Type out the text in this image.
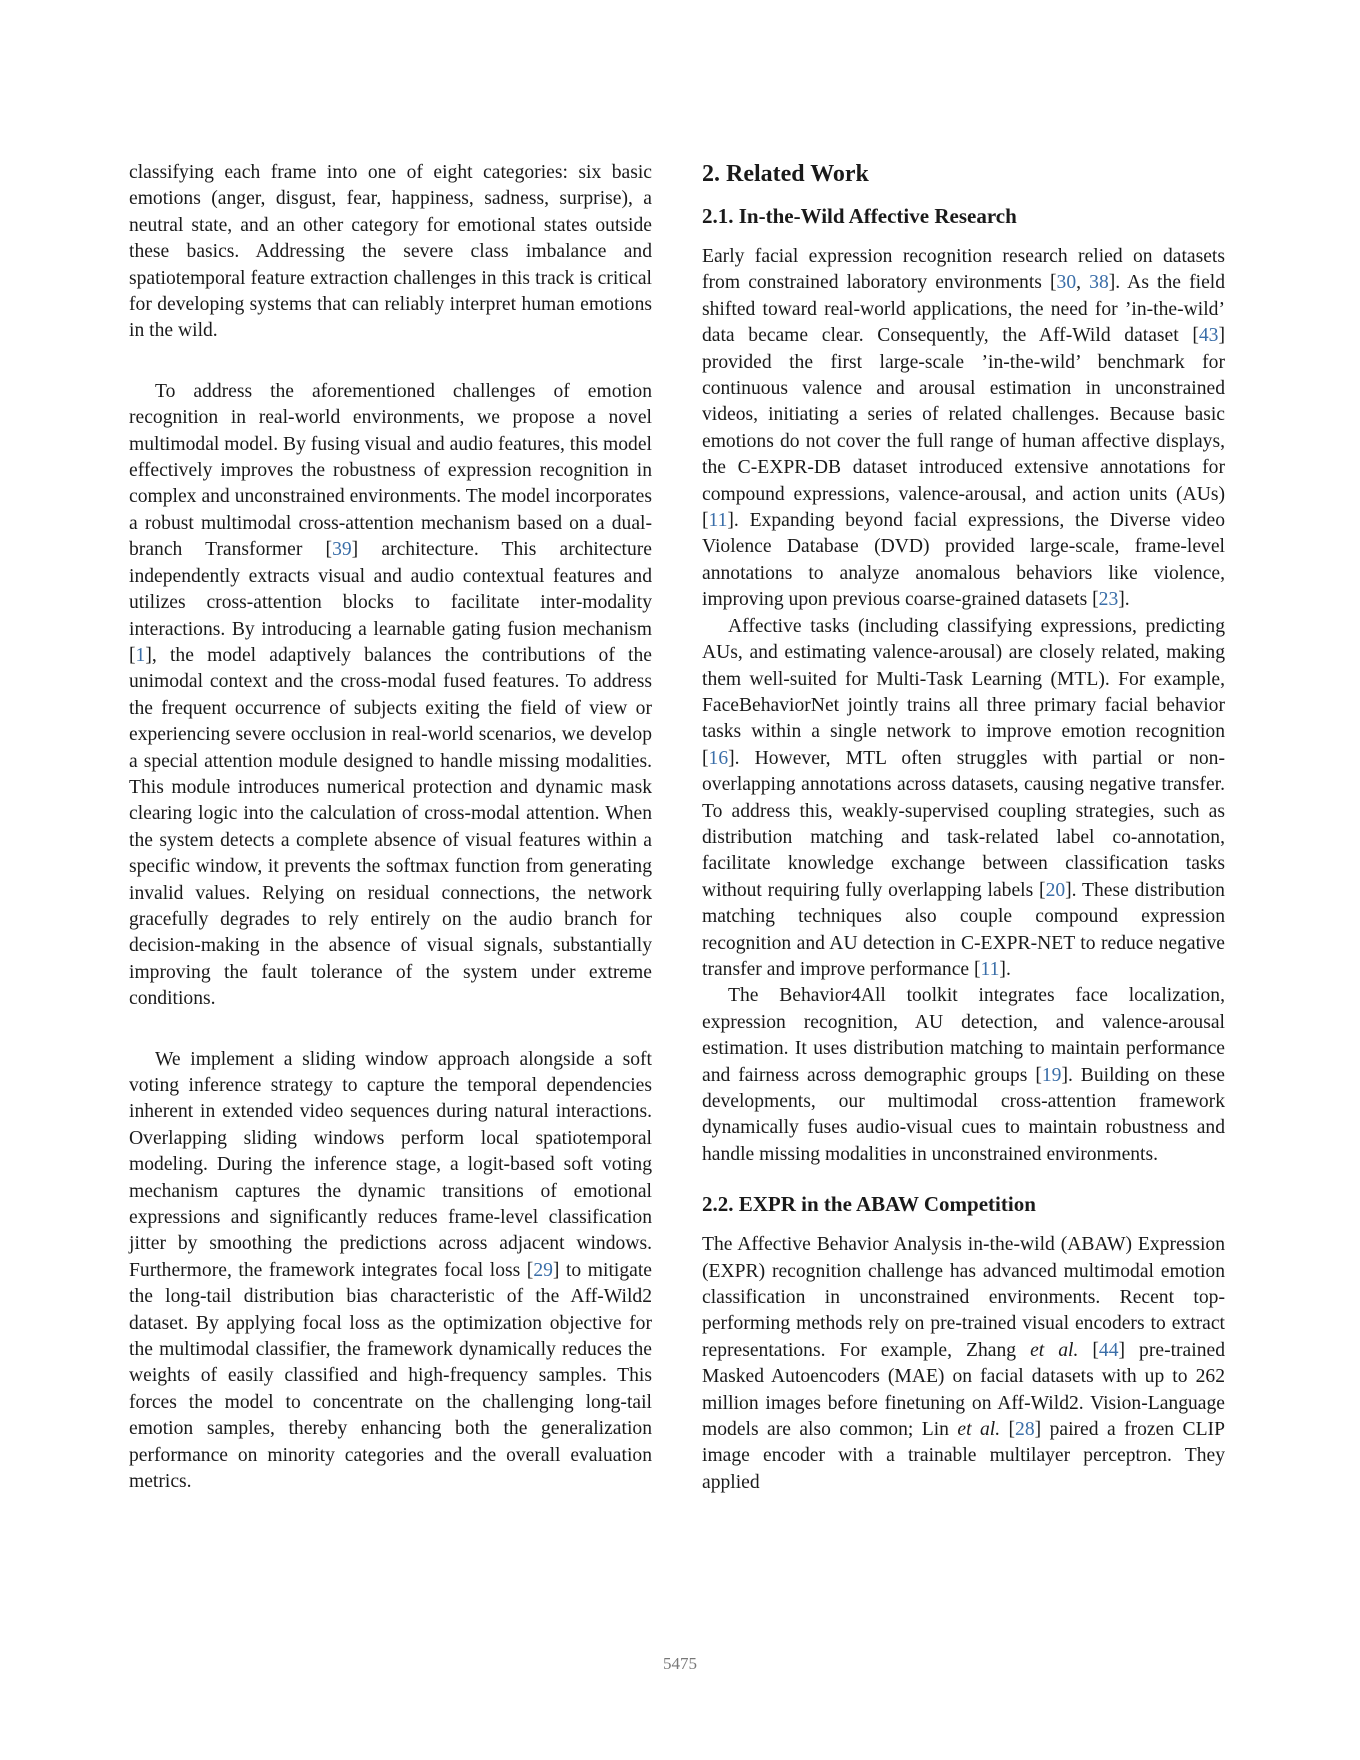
classifying each frame into one of eight categories: six basic emotions (anger, disgust, fear, happiness, sadness, surprise), a neutral state, and an other category for emotional states outside these basics. Addressing the severe class imbalance and spatiotemporal feature extraction challenges in this track is critical for developing systems that can reliably interpret human emotions in the wild.

To address the aforementioned challenges of emotion recognition in real-world environments, we propose a novel multimodal model. By fusing visual and audio features, this model effectively improves the robustness of expression recognition in complex and unconstrained environments. The model incorporates a robust multimodal cross-attention mechanism based on a dual-branch Transformer [39] architecture. This architecture independently extracts visual and audio contextual features and utilizes cross-attention blocks to facilitate inter-modality interactions. By introducing a learnable gating fusion mechanism [1], the model adaptively balances the contributions of the unimodal context and the cross-modal fused features. To address the frequent occurrence of subjects exiting the field of view or experiencing severe occlusion in real-world scenarios, we develop a special attention module designed to handle missing modalities. This module introduces numerical protection and dynamic mask clearing logic into the calculation of cross-modal attention. When the system detects a complete absence of visual features within a specific window, it prevents the softmax function from generating invalid values. Relying on residual connections, the network gracefully degrades to rely entirely on the audio branch for decision-making in the absence of visual signals, substantially improving the fault tolerance of the system under extreme conditions.

We implement a sliding window approach alongside a soft voting inference strategy to capture the temporal dependencies inherent in extended video sequences during natural interactions. Overlapping sliding windows perform local spatiotemporal modeling. During the inference stage, a logit-based soft voting mechanism captures the dynamic transitions of emotional expressions and significantly reduces frame-level classification jitter by smoothing the predictions across adjacent windows. Furthermore, the framework integrates focal loss [29] to mitigate the long-tail distribution bias characteristic of the Aff-Wild2 dataset. By applying focal loss as the optimization objective for the multimodal classifier, the framework dynamically reduces the weights of easily classified and high-frequency samples. This forces the model to concentrate on the challenging long-tail emotion samples, thereby enhancing both the generalization performance on minority categories and the overall evaluation metrics.

2. Related Work
2.1. In-the-Wild Affective Research

Early facial expression recognition research relied on datasets from constrained laboratory environments [30, 38]. As the field shifted toward real-world applications, the need for ’in-the-wild’ data became clear. Consequently, the Aff-Wild dataset [43] provided the first large-scale ’in-the-wild’ benchmark for continuous valence and arousal estimation in unconstrained videos, initiating a series of related challenges. Because basic emotions do not cover the full range of human affective displays, the C-EXPR-DB dataset introduced extensive annotations for compound expressions, valence-arousal, and action units (AUs) [11]. Expanding beyond facial expressions, the Diverse video Violence Database (DVD) provided large-scale, frame-level annotations to analyze anomalous behaviors like violence, improving upon previous coarse-grained datasets [23].

Affective tasks (including classifying expressions, predicting AUs, and estimating valence-arousal) are closely related, making them well-suited for Multi-Task Learning (MTL). For example, FaceBehaviorNet jointly trains all three primary facial behavior tasks within a single network to improve emotion recognition [16]. However, MTL often struggles with partial or non-overlapping annotations across datasets, causing negative transfer. To address this, weakly-supervised coupling strategies, such as distribution matching and task-related label co-annotation, facilitate knowledge exchange between classification tasks without requiring fully overlapping labels [20]. These distribution matching techniques also couple compound expression recognition and AU detection in C-EXPR-NET to reduce negative transfer and improve performance [11].

The Behavior4All toolkit integrates face localization, expression recognition, AU detection, and valence-arousal estimation. It uses distribution matching to maintain performance and fairness across demographic groups [19]. Building on these developments, our multimodal cross-attention framework dynamically fuses audio-visual cues to maintain robustness and handle missing modalities in unconstrained environments.

2.2. EXPR in the ABAW Competition

The Affective Behavior Analysis in-the-wild (ABAW) Expression (EXPR) recognition challenge has advanced multimodal emotion classification in unconstrained environments. Recent top-performing methods rely on pre-trained visual encoders to extract representations. For example, Zhang et al. [44] pre-trained Masked Autoencoders (MAE) on facial datasets with up to 262 million images before finetuning on Aff-Wild2. Vision-Language models are also common; Lin et al. [28] paired a frozen CLIP image encoder with a trainable multilayer perceptron. They applied

5475
